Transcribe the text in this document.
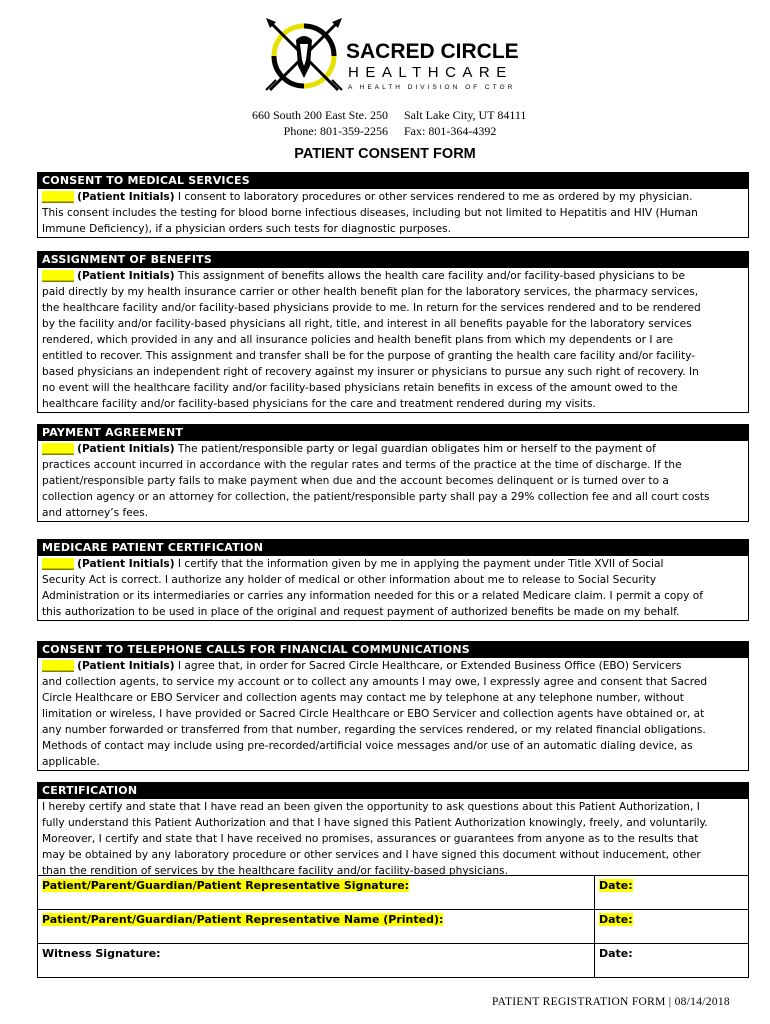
SACRED CIRCLE
HEALTHCARE
A HEALTH DIVISION OF CTGR
660 South 200 East Ste. 250
Phone: 801-359-2256
Salt Lake City, UT 84111
Fax: 801-364-4392
PATIENT CONSENT FORM
CONSENT TO MEDICAL SERVICES
______ (Patient Initials) I consent to laboratory procedures or other services rendered to me as ordered by my physician.
This consent includes the testing for blood borne infectious diseases, including but not limited to Hepatitis and HIV (Human
Immune Deficiency), if a physician orders such tests for diagnostic purposes.
ASSIGNMENT OF BENEFITS
______ (Patient Initials) This assignment of benefits allows the health care facility and/or facility-based physicians to be
paid directly by my health insurance carrier or other health benefit plan for the laboratory services, the pharmacy services,
the healthcare facility and/or facility-based physicians provide to me. In return for the services rendered and to be rendered
by the facility and/or facility-based physicians all right, title, and interest in all benefits payable for the laboratory services
rendered, which provided in any and all insurance policies and health benefit plans from which my dependents or I are
entitled to recover. This assignment and transfer shall be for the purpose of granting the health care facility and/or facility-
based physicians an independent right of recovery against my insurer or physicians to pursue any such right of recovery. In
no event will the healthcare facility and/or facility-based physicians retain benefits in excess of the amount owed to the
healthcare facility and/or facility-based physicians for the care and treatment rendered during my visits.
PAYMENT AGREEMENT
______ (Patient Initials) The patient/responsible party or legal guardian obligates him or herself to the payment of
practices account incurred in accordance with the regular rates and terms of the practice at the time of discharge. If the
patient/responsible party fails to make payment when due and the account becomes delinquent or is turned over to a
collection agency or an attorney for collection, the patient/responsible party shall pay a 29% collection fee and all court costs
and attorney’s fees.
MEDICARE PATIENT CERTIFICATION
______ (Patient Initials) I certify that the information given by me in applying the payment under Title XVII of Social
Security Act is correct. I authorize any holder of medical or other information about me to release to Social Security
Administration or its intermediaries or carries any information needed for this or a related Medicare claim. I permit a copy of
this authorization to be used in place of the original and request payment of authorized benefits be made on my behalf.
CONSENT TO TELEPHONE CALLS FOR FINANCIAL COMMUNICATIONS
______ (Patient Initials) I agree that, in order for Sacred Circle Healthcare, or Extended Business Office (EBO) Servicers
and collection agents, to service my account or to collect any amounts I may owe, I expressly agree and consent that Sacred
Circle Healthcare or EBO Servicer and collection agents may contact me by telephone at any telephone number, without
limitation or wireless, I have provided or Sacred Circle Healthcare or EBO Servicer and collection agents have obtained or, at
any number forwarded or transferred from that number, regarding the services rendered, or my related financial obligations.
Methods of contact may include using pre-recorded/artificial voice messages and/or use of an automatic dialing device, as
applicable.
CERTIFICATION
I hereby certify and state that I have read an been given the opportunity to ask questions about this Patient Authorization, I
fully understand this Patient Authorization and that I have signed this Patient Authorization knowingly, freely, and voluntarily.
Moreover, I certify and state that I have received no promises, assurances or guarantees from anyone as to the results that
may be obtained by any laboratory procedure or other services and I have signed this document without inducement, other
than the rendition of services by the healthcare facility and/or facility-based physicians.
Patient/Parent/Guardian/Patient Representative Signature:	Date:
Patient/Parent/Guardian/Patient Representative Name (Printed):	Date:
Witness Signature:	Date:
PATIENT REGISTRATION FORM | 08/14/2018
